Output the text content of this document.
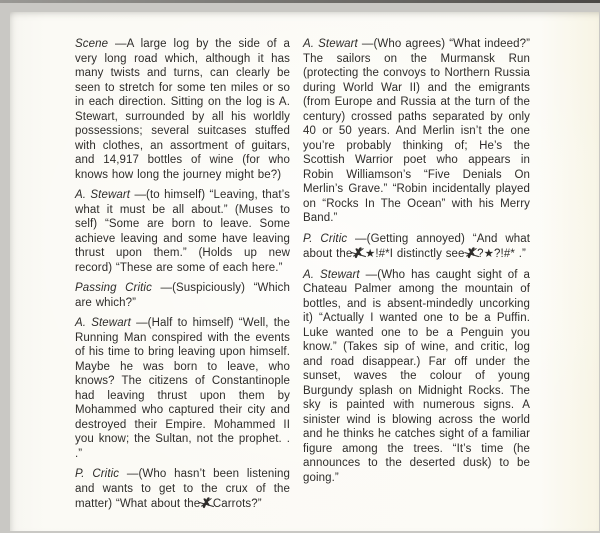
Scene —A large log by the side of a very long road which, although it has many twists and turns, can clearly be seen to stretch for some ten miles or so in each direction. Sitting on the log is A. Stewart, surrounded by all his worldly possessions; several suitcases stuffed with clothes, an assortment of guitars, and 14,917 bottles of wine (for who knows how long the journey might be?)

A. Stewart —(to himself) “Leaving, that’s what it must be all about.” (Muses to self) “Some are born to leave. Some achieve leaving and some have leaving thrust upon them.” (Holds up new record) “These are some of each here.”

Passing Critic —(Suspiciously) “Which are which?”

A. Stewart —(Half to himself) “Well, the Running Man conspired with the events of his time to bring leaving upon himself. Maybe he was born to leave, who knows? The citizens of Constantinople had leaving thrust upon them by Mohammed who captured their city and destroyed their Empire. Mohammed II you know; the Sultan, not the prophet. . .”

P. Critic —(Who hasn’t been listening and wants to get to the crux of the matter) “What about the✗Carrots?”

A. Stewart —(Who agrees) “What indeed?” The sailors on the Murmansk Run (protecting the convoys to Northern Russia during World War II) and the emigrants (from Europe and Russia at the turn of the century) crossed paths separated by only 40 or 50 years. And Merlin isn’t the one you’re probably thinking of; He’s the Scottish Warrior poet who appears in Robin Williamson’s “Five Denials On Merlin’s Grave.” “Robin incidentally played on “Rocks In The Ocean” with his Merry Band.”

P. Critic —(Getting annoyed) “And what about the✗★!#*I distinctly see✗?★?!#* .”

A. Stewart —(Who has caught sight of a Chateau Palmer among the mountain of bottles, and is absent-mindedly uncorking it) “Actually I wanted one to be a Puffin. Luke wanted one to be a Penguin you know.” (Takes sip of wine, and critic, log and road disappear.) Far off under the sunset, waves the colour of young Burgundy splash on Midnight Rocks. The sky is painted with numerous signs. A sinister wind is blowing across the world and he thinks he catches sight of a familiar figure among the trees. “It’s time (he announces to the deserted dusk) to be going.”
